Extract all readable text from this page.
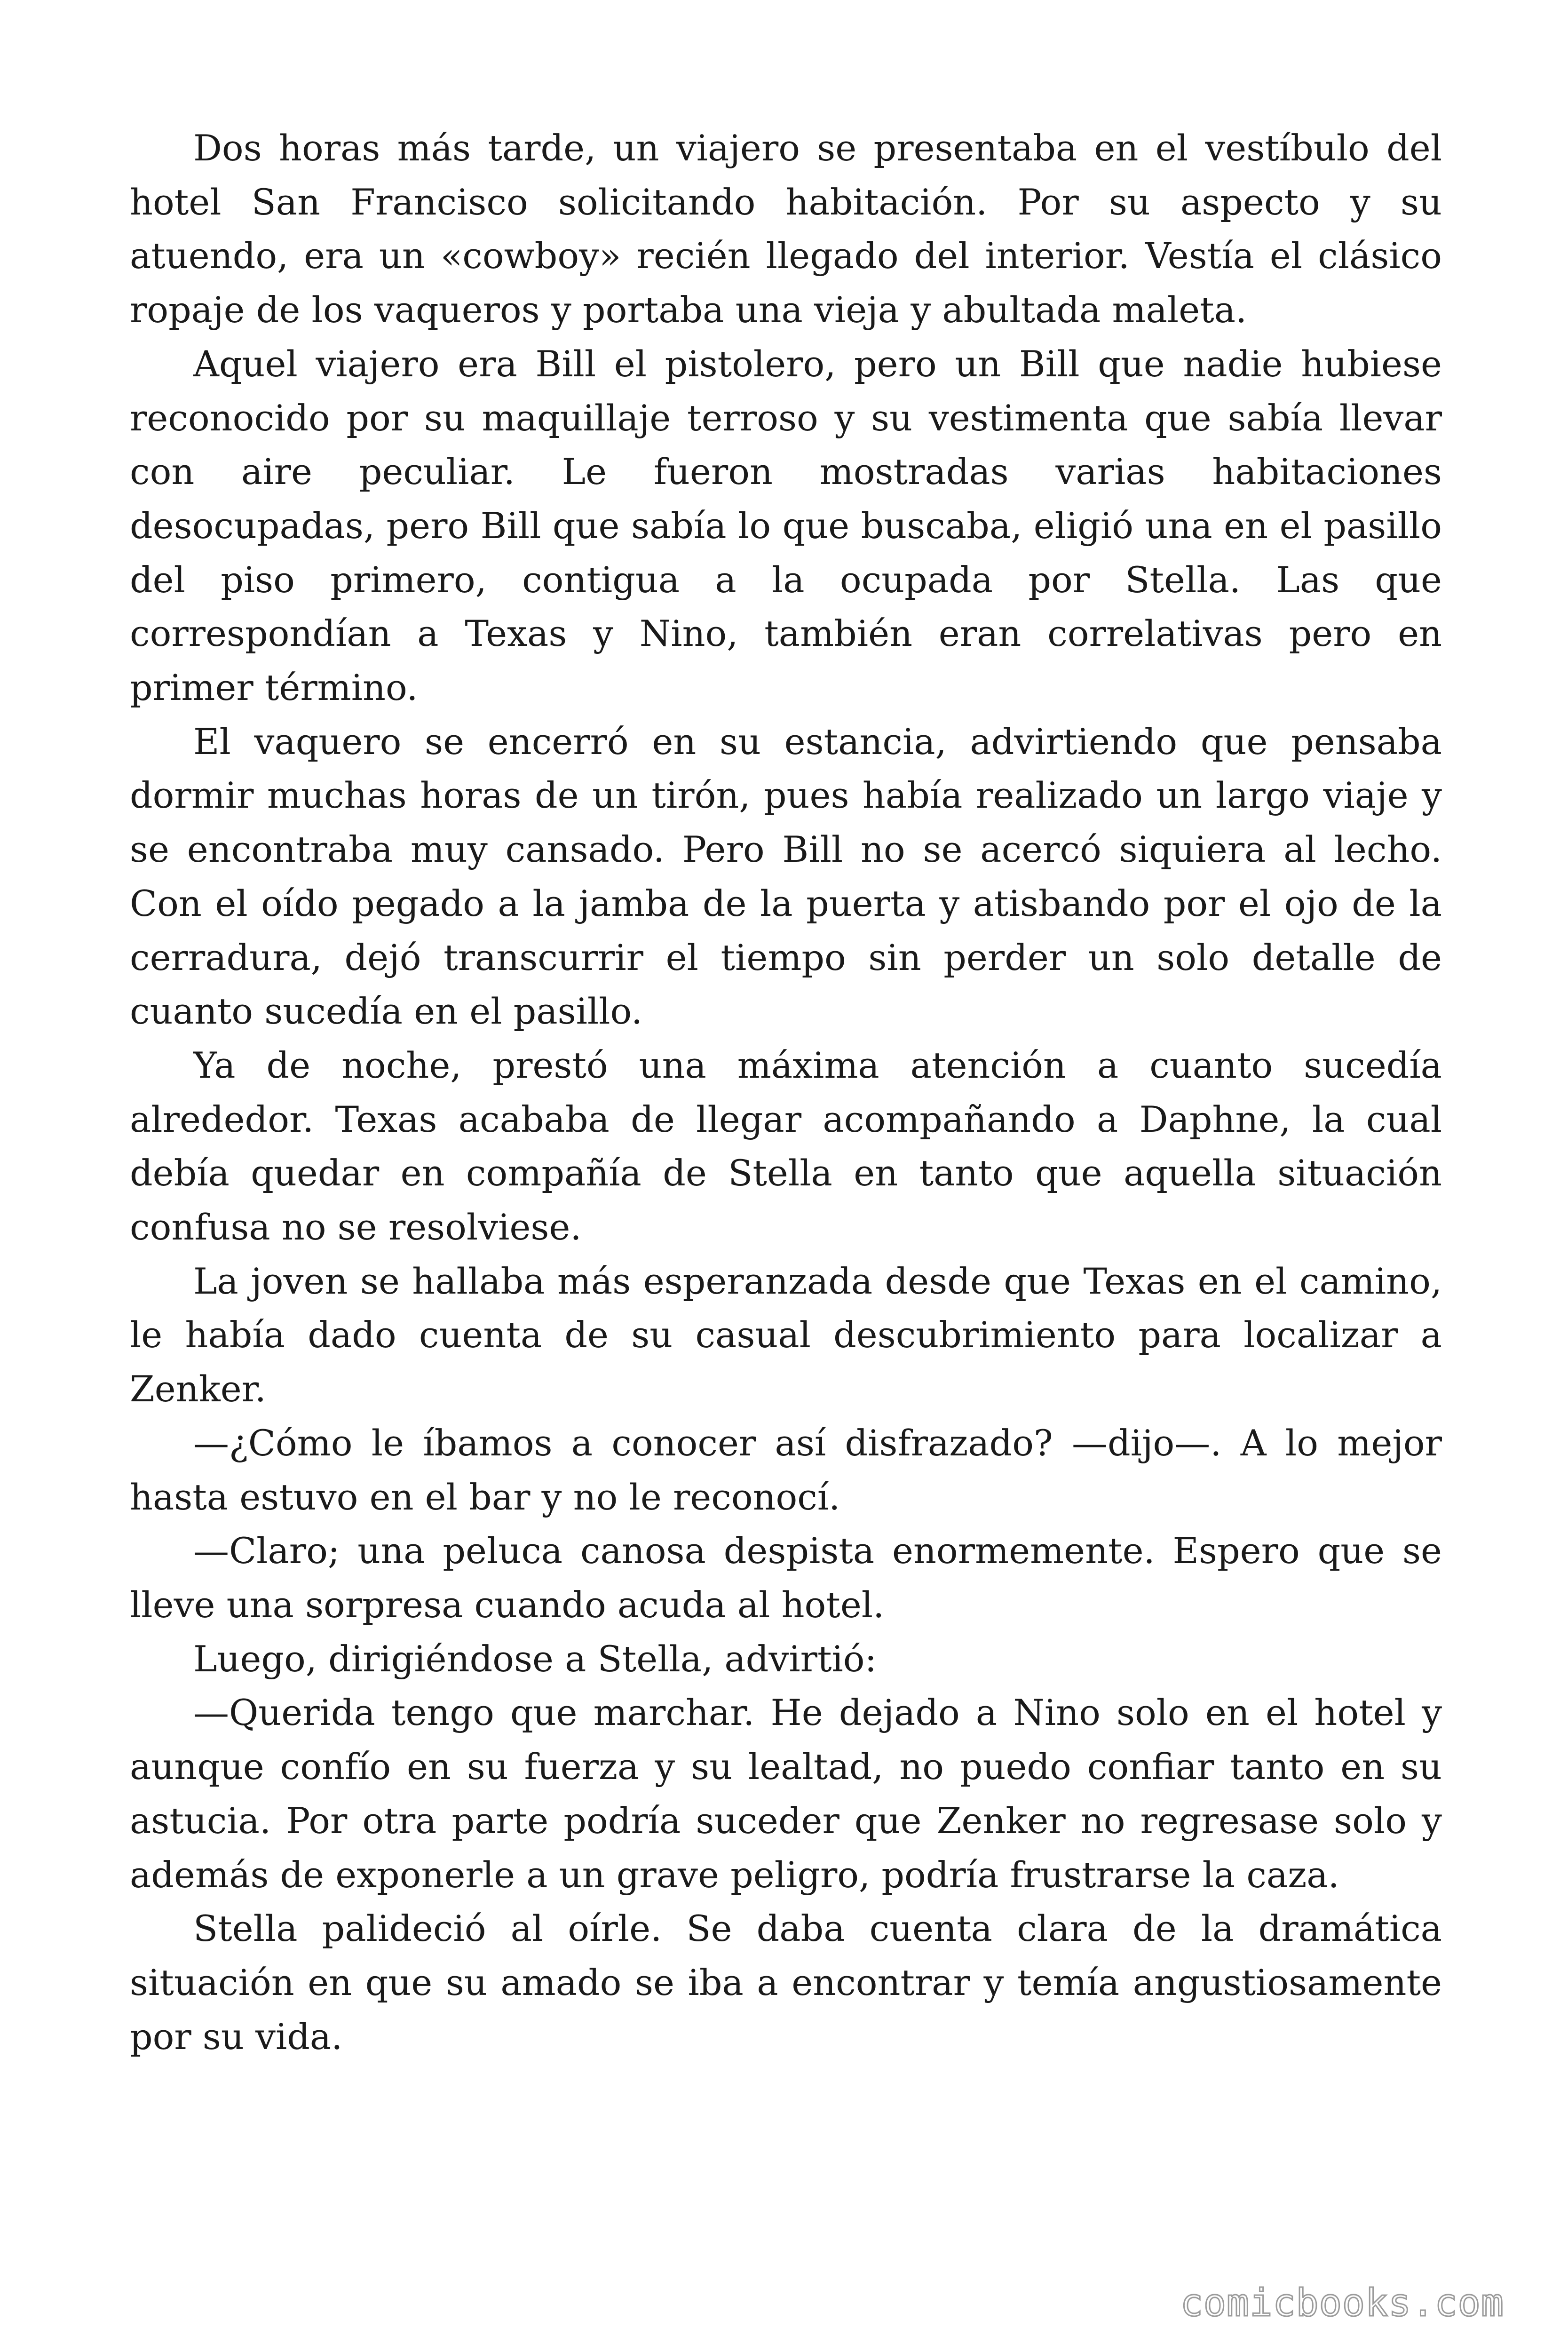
Dos horas más tarde, un viajero se presentaba en el vestíbulo del hotel San Francisco solicitando habitación. Por su aspecto y su atuendo, era un «cowboy» recién llegado del interior. Vestía el clásico ropaje de los vaqueros y portaba una vieja y abultada maleta.

Aquel viajero era Bill el pistolero, pero un Bill que nadie hubiese reconocido por su maquillaje terroso y su vestimenta que sabía llevar con aire peculiar. Le fueron mostradas varias habitaciones desocupadas, pero Bill que sabía lo que buscaba, eligió una en el pasillo del piso primero, contigua a la ocupada por Stella. Las que correspondían a Texas y Nino, también eran correlativas pero en primer término.

El vaquero se encerró en su estancia, advirtiendo que pensaba dormir muchas horas de un tirón, pues había realizado un largo viaje y se encontraba muy cansado. Pero Bill no se acercó siquiera al lecho. Con el oído pegado a la jamba de la puerta y atisbando por el ojo de la cerradura, dejó transcurrir el tiempo sin perder un solo detalle de cuanto sucedía en el pasillo.

Ya de noche, prestó una máxima atención a cuanto sucedía alrededor. Texas acababa de llegar acompañando a Daphne, la cual debía quedar en compañía de Stella en tanto que aquella situación confusa no se resolviese.

La joven se hallaba más esperanzada desde que Texas en el camino, le había dado cuenta de su casual descubrimiento para localizar a Zenker.

—¿Cómo le íbamos a conocer así disfrazado? —dijo—. A lo mejor hasta estuvo en el bar y no le reconocí.

—Claro; una peluca canosa despista enormemente. Espero que se lleve una sorpresa cuando acuda al hotel.

Luego, dirigiéndose a Stella, advirtió:

—Querida tengo que marchar. He dejado a Nino solo en el hotel y aunque confío en su fuerza y su lealtad, no puedo confiar tanto en su astucia. Por otra parte podría suceder que Zenker no regresase solo y además de exponerle a un grave peligro, podría frustrarse la caza.

Stella palideció al oírle. Se daba cuenta clara de la dramática situación en que su amado se iba a encontrar y temía angustiosamente por su vida.

comicbooks.com
